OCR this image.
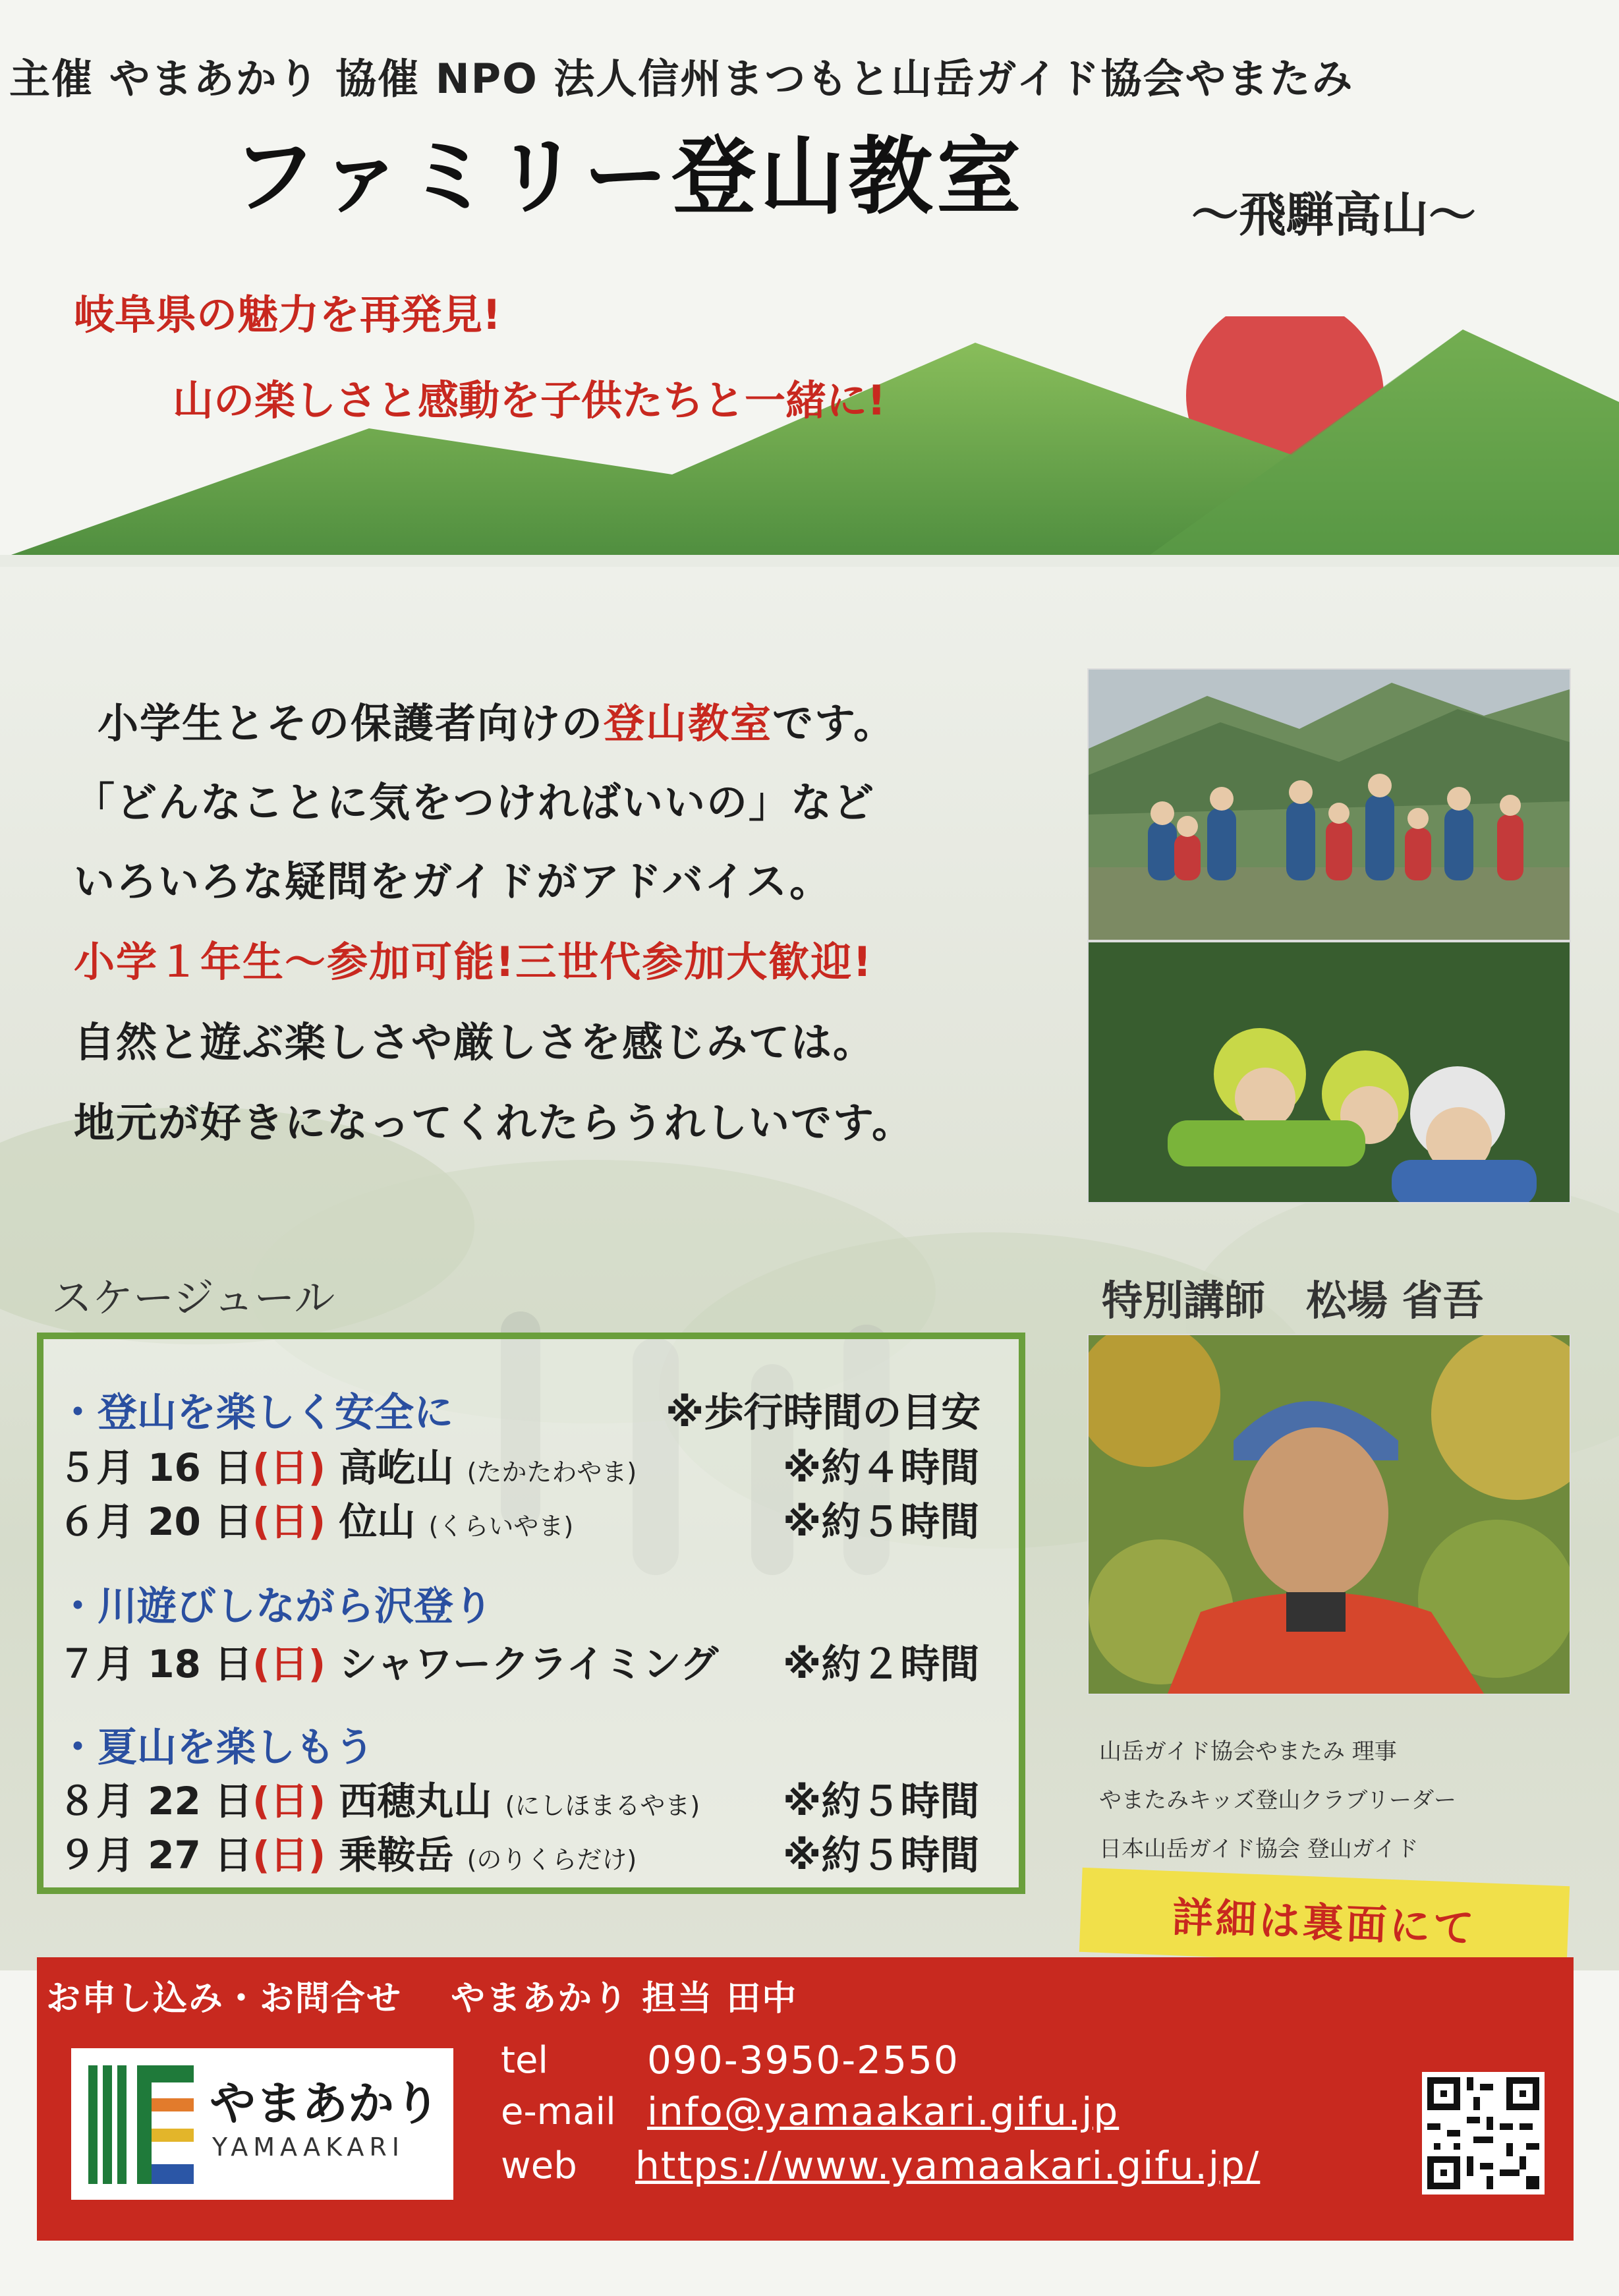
主催 やまあかり 協催 NPO 法人信州まつもと山岳ガイド協会やまたみ
ファミリー登山教室	～飛騨高山～
岐阜県の魅力を再発見!
山の楽しさと感動を子供たちと一緒に!
小学生とその保護者向けの登山教室です。
「どんなことに気をつければいいの」など
いろいろな疑問をガイドがアドバイス。
小学１年生～参加可能!三世代参加大歓迎!
自然と遊ぶ楽しさや厳しさを感じみては。
地元が好きになってくれたらうれしいです。
スケージュール
※歩行時間の目安
・登山を楽しく安全に
５月 16 日(日) 高屹山 (たかたわやま)	※約４時間
６月 20 日(日) 位山 (くらいやま)	※約５時間
・川遊びしながら沢登り
７月 18 日(日) シャワークライミング ※約２時間
・夏山を楽しもう
８月 22 日(日) 西穂丸山 (にしほまるやま) ※約５時間
９月 27 日(日) 乗鞍岳 (のりくらだけ)	※約５時間
特別講師　松場 省吾
山岳ガイド協会やまたみ 理事
やまたみキッズ登山クラブリーダー
日本山岳ガイド協会 登山ガイド
詳細は裏面にて
お申し込み・お問合せ　 やまあかり 担当 田中
やまあかり
YAMAAKARI
tel	090-3950-2550
e-mail info@yamaakari.gifu.jp
web https://www.yamaakari.gifu.jp/
